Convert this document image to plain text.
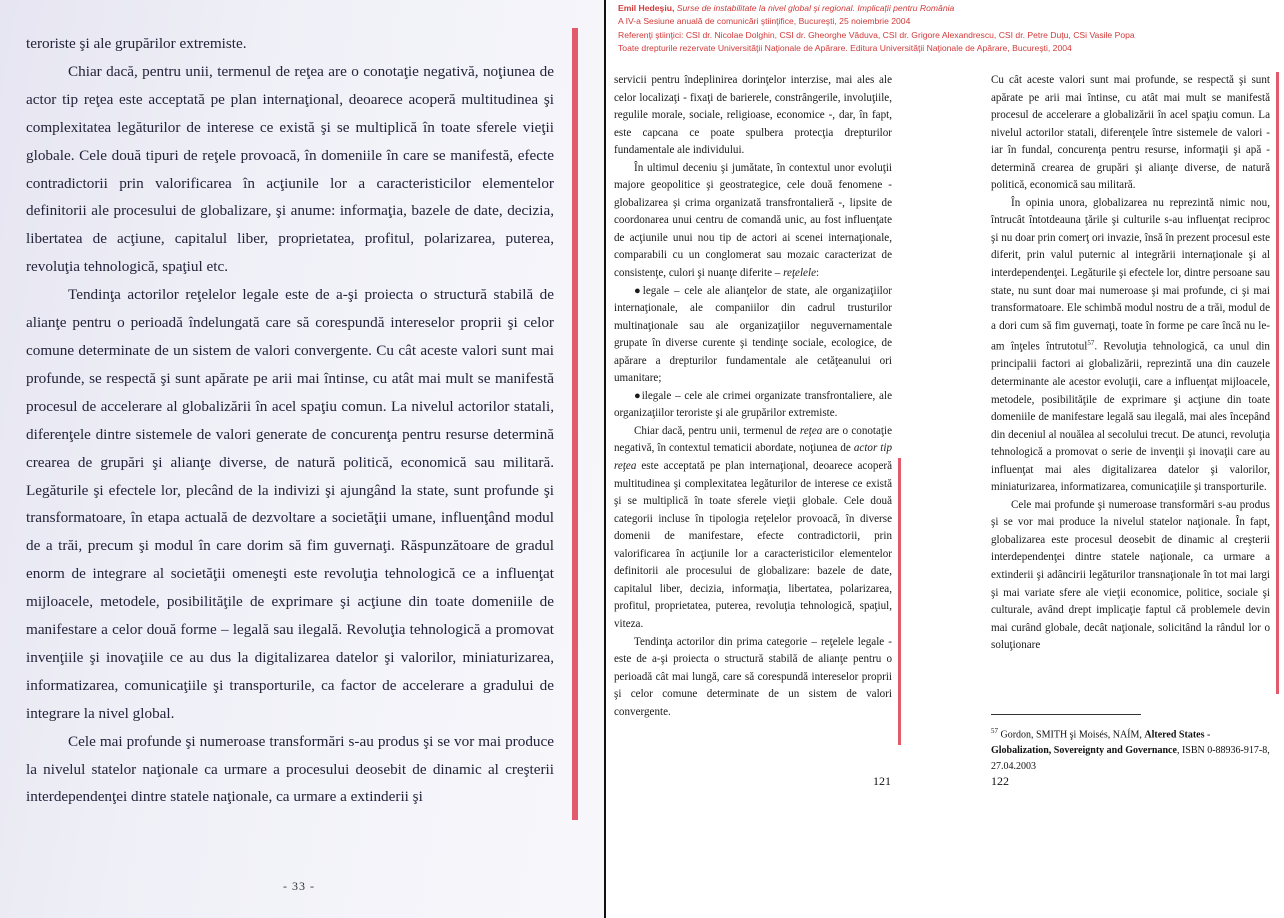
teroriste şi ale grupărilor extremiste.

Chiar dacă, pentru unii, termenul de reţea are o conotaţie negativă, noţiunea de actor tip reţea este acceptată pe plan internaţional, deoarece acoperă multitudinea şi complexitatea legăturilor de interese ce există şi se multiplică în toate sferele vieţii globale. Cele două tipuri de reţele provoacă, în domeniile în care se manifestă, efecte contradictorii prin valorificarea în acţiunile lor a caracteristicilor elementelor definitorii ale procesului de globalizare, şi anume: informaţia, bazele de date, decizia, libertatea de acţiune, capitalul liber, proprietatea, profitul, polarizarea, puterea, revoluţia tehnologică, spaţiul etc.

Tendinţa actorilor reţelelor legale este de a-şi proiecta o structură stabilă de alianţe pentru o perioadă îndelungată care să corespundă intereselor proprii şi celor comune determinate de un sistem de valori convergente. Cu cât aceste valori sunt mai profunde, se respectă şi sunt apărate pe arii mai întinse, cu atât mai mult se manifestă procesul de accelerare al globalizării în acel spaţiu comun. La nivelul actorilor statali, diferenţele dintre sistemele de valori generate de concurenţa pentru resurse determină crearea de grupări şi alianţe diverse, de natură politică, economică sau militară. Legăturile şi efectele lor, plecând de la indivizi şi ajungând la state, sunt profunde şi transformatoare, în etapa actuală de dezvoltare a societăţii umane, influenţând modul de a trăi, precum şi modul în care dorim să fim guvernaţi. Răspunzătoare de gradul enorm de integrare al societăţii omeneşti este revoluţia tehnologică ce a influenţat mijloacele, metodele, posibilităţile de exprimare şi acţiune din toate domeniile de manifestare a celor două forme – legală sau ilegală. Revoluţia tehnologică a promovat invenţiile şi inovaţiile ce au dus la digitalizarea datelor şi valorilor, miniaturizarea, informatizarea, comunicaţiile şi transporturile, ca factor de accelerare a gradului de integrare la nivel global.

Cele mai profunde şi numeroase transformări s-au produs şi se vor mai produce la nivelul statelor naţionale ca urmare a procesului deosebit de dinamic al creşterii interdependenţei dintre statele naţionale, ca urmare a extinderii şi

- 33 -
Emil Hedeşiu, Surse de instabilitate la nivel global şi regional. Implicaţii pentru România
A IV-a Sesiune anuală de comunicări ştiinţifice, Bucureşti, 25 noiembrie 2004
Referenţi ştiinţici: CSI dr. Nicolae Dolghin, CSI dr. Gheorghe Văduva, CSI dr. Grigore Alexandrescu, CSI dr. Petre Duţu, CSi Vasile Popa
Toate drepturile rezervate Universităţii Naţionale de Apărare. Editura Universităţii Naţionale de Apărare, Bucureşti, 2004

servicii pentru îndeplinirea dorinţelor interzise, mai ales ale celor localizaţi - fixaţi de barierele, constrângerile, involuţiile, regulile morale, sociale, religioase, economice -, dar, în fapt, este capcana ce poate spulbera protecţia drepturilor fundamentale ale individului.

În ultimul deceniu şi jumătate, în contextul unor evoluţii majore geopolitice şi geostrategice, cele două fenomene - globalizarea şi crima organizată transfrontalieră -, lipsite de coordonarea unui centru de comandă unic, au fost influenţate de acţiunile unui nou tip de actori ai scenei internaţionale, comparabili cu un conglomerat sau mozaic caracterizat de consistenţe, culori şi nuanţe diferite – reţelele:

●legale – cele ale alianţelor de state, ale organizaţiilor internaţionale, ale companiilor din cadrul trusturilor multinaţionale sau ale organizaţiilor neguvernamentale grupate în diverse curente şi tendinţe sociale, ecologice, de apărare a drepturilor fundamentale ale cetăţeanului ori umanitare;

●ilegale – cele ale crimei organizate transfrontaliere, ale organizaţiilor teroriste şi ale grupărilor extremiste.

Chiar dacă, pentru unii, termenul de reţea are o conotaţie negativă, în contextul tematicii abordate, noţiunea de actor tip reţea este acceptată pe plan internaţional, deoarece acoperă multitudinea şi complexitatea legăturilor de interese ce există şi se multiplică în toate sferele vieţii globale. Cele două categorii incluse în tipologia reţelelor provoacă, în diverse domenii de manifestare, efecte contradictorii, prin valorificarea în acţiunile lor a caracteristicilor elementelor definitorii ale procesului de globalizare: bazele de date, capitalul liber, decizia, informaţia, libertatea, polarizarea, profitul, proprietatea, puterea, revoluţia tehnologică, spaţiul, viteza.

Tendinţa actorilor din prima categorie – reţelele legale - este de a-şi proiecta o structură stabilă de alianţe pentru o perioadă cât mai lungă, care să corespundă intereselor proprii şi celor comune determinate de un sistem de valori convergente.

121

Cu cât aceste valori sunt mai profunde, se respectă şi sunt apărate pe arii mai întinse, cu atât mai mult se manifestă procesul de accelerare a globalizării în acel spaţiu comun. La nivelul actorilor statali, diferenţele între sistemele de valori - iar în fundal, concurenţa pentru resurse, informaţii şi apă - determină crearea de grupări şi alianţe diverse, de natură politică, economică sau militară.

În opinia unora, globalizarea nu reprezintă nimic nou, întrucât întotdeauna ţările şi culturile s-au influenţat reciproc şi nu doar prin comerţ ori invazie, însă în prezent procesul este diferit, prin valul puternic al integrării internaţionale şi al interdependenţei. Legăturile şi efectele lor, dintre persoane sau state, nu sunt doar mai numeroase şi mai profunde, ci şi mai transformatoare. Ele schimbă modul nostru de a trăi, modul de a dori cum să fim guvernaţi, toate în forme pe care încă nu le-am înţeles întrutotul$^{57}$. Revoluţia tehnologică, ca unul din principalii factori ai globalizării, reprezintă una din cauzele determinante ale acestor evoluţii, care a influenţat mijloacele, metodele, posibilităţile de exprimare şi acţiune din toate domeniile de manifestare legală sau ilegală, mai ales începând din deceniul al nouălea al secolului trecut. De atunci, revoluţia tehnologică a promovat o serie de invenţii şi inovaţii care au influenţat mai ales digitalizarea datelor şi valorilor, miniaturizarea, informatizarea, comunicaţiile şi transporturile.

Cele mai profunde şi numeroase transformări s-au produs şi se vor mai produce la nivelul statelor naţionale. În fapt, globalizarea este procesul deosebit de dinamic al creşterii interdependenţei dintre statele naţionale, ca urmare a extinderii şi adâncirii legăturilor transnaţionale în tot mai largi şi mai variate sfere ale vieţii economice, politice, sociale şi culturale, având drept implicaţie faptul că problemele devin mai curând globale, decât naţionale, solicitând la rândul lor o soluţionare

$^{57}$ Gordon, SMITH şi Moisés, NAÍM, Altered States - Globalization, Sovereignty and Governance, ISBN 0-88936-917-8, 27.04.2003
122
